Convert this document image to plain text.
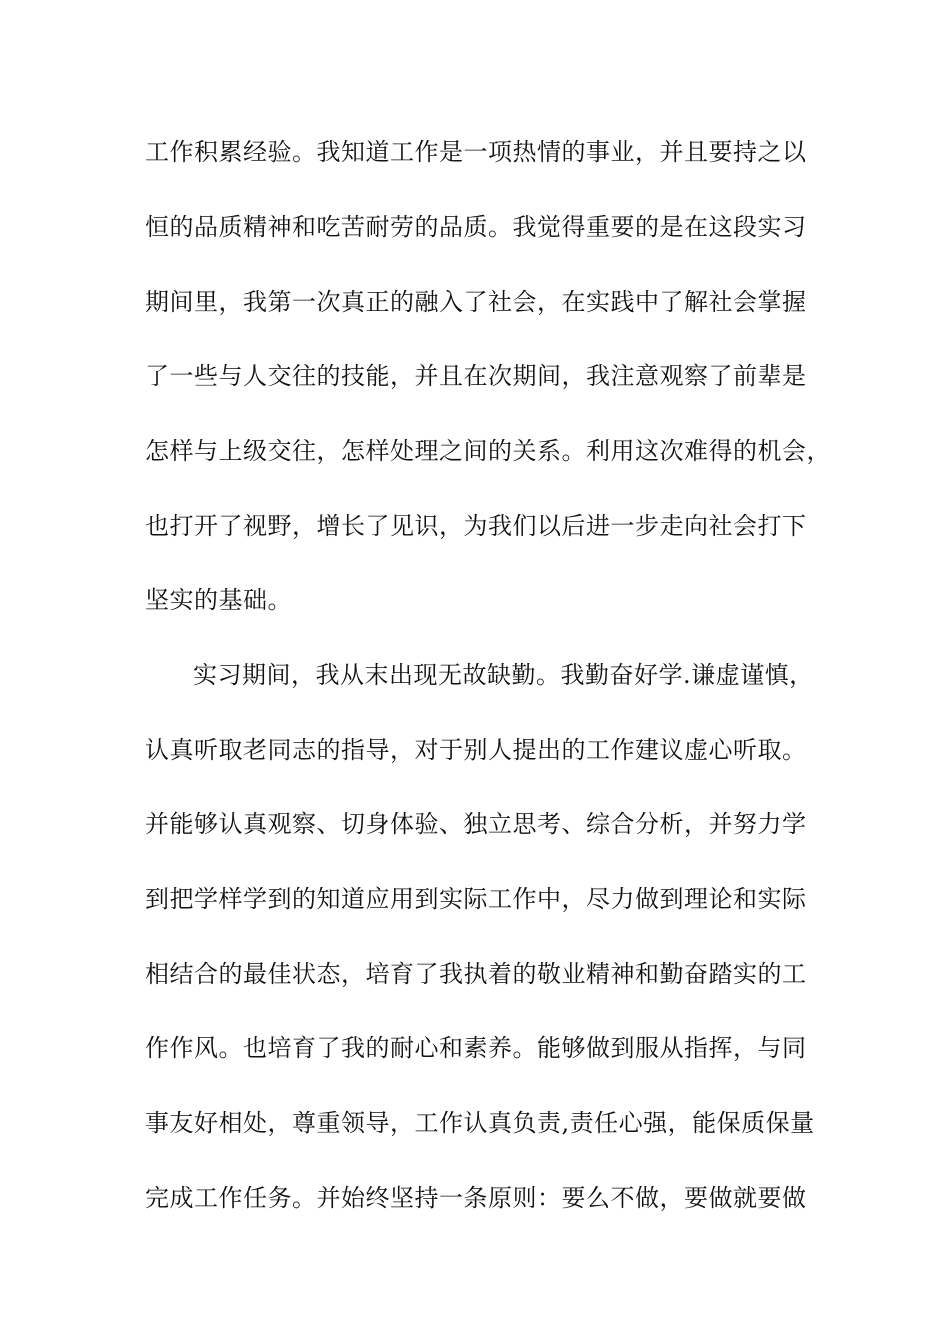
工作积累经验。我知道工作是一项热情的事业，并且要持之以
恒的品质精神和吃苦耐劳的品质。我觉得重要的是在这段实习
期间里，我第一次真正的融入了社会，在实践中了解社会掌握
了一些与人交往的技能，并且在次期间，我注意观察了前辈是
怎样与上级交往，怎样处理之间的关系。利用这次难得的机会，
也打开了视野，增长了见识，为我们以后进一步走向社会打下
坚实的基础。
实习期间，我从末出现无故缺勤。我勤奋好学.谦虚谨慎，
认真听取老同志的指导，对于别人提出的工作建议虚心听取。
并能够认真观察、切身体验、独立思考、综合分析，并努力学
到把学样学到的知道应用到实际工作中，尽力做到理论和实际
相结合的最佳状态，培育了我执着的敬业精神和勤奋踏实的工
作作风。也培育了我的耐心和素养。能够做到服从指挥，与同
事友好相处，尊重领导，工作认真负责,责任心强，能保质保量
完成工作任务。并始终坚持一条原则：要么不做，要做就要做
